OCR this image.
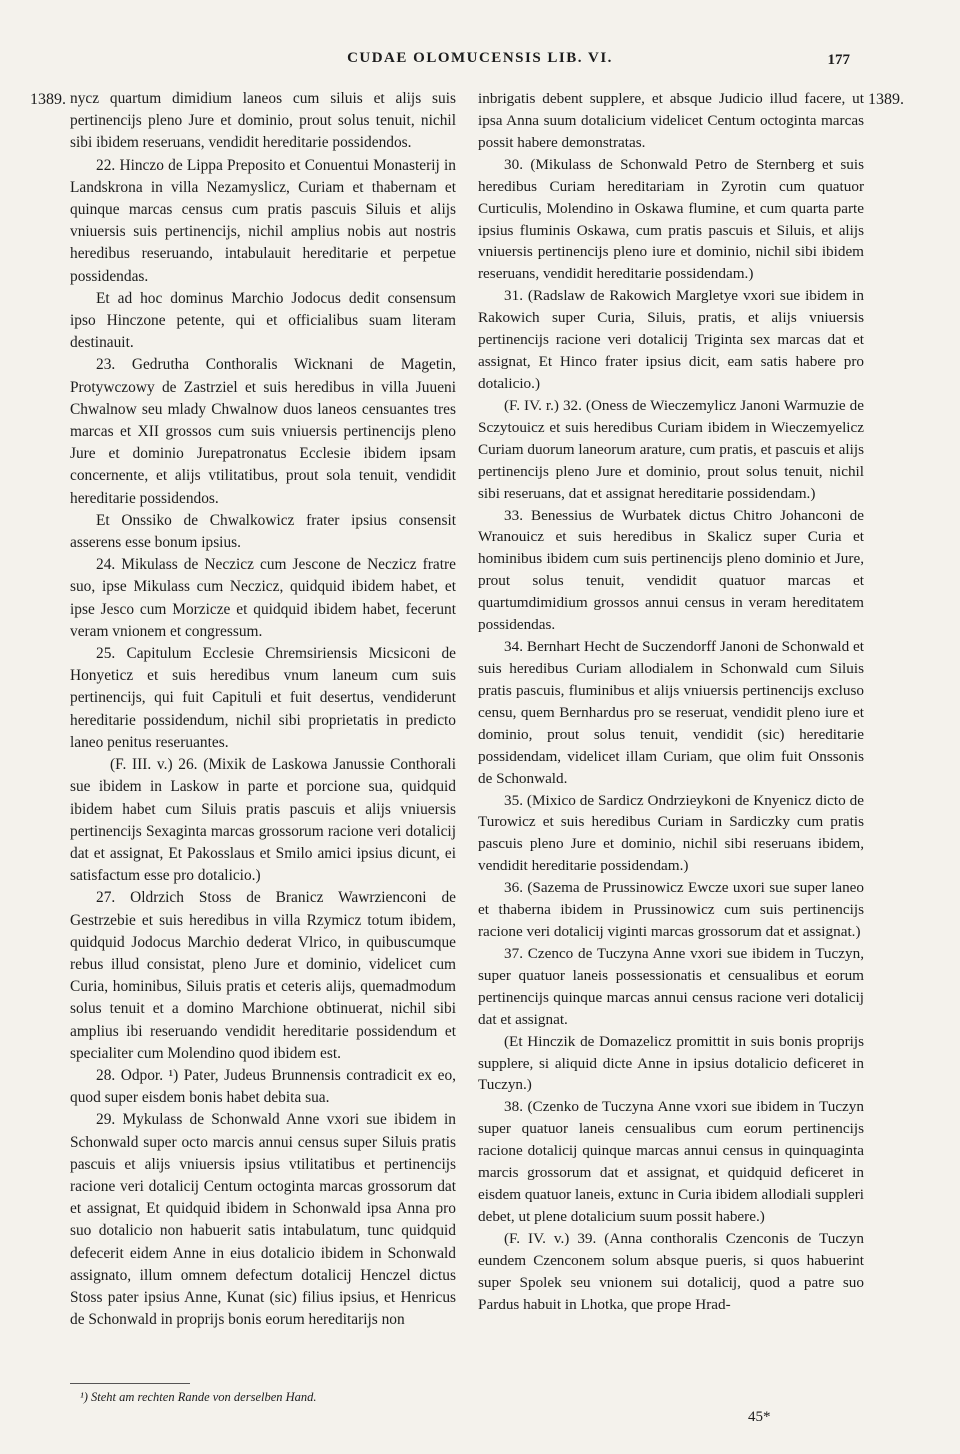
CUDAE OLOMUCENSIS LIB. VI.	177
1389.	1389.

nycz quartum dimidium laneos cum siluis et alijs suis pertinencijs pleno Jure et dominio, prout solus tenuit, nichil sibi ibidem reseruans, vendidit hereditarie possidendos.

22. Hinczo de Lippa Preposito et Conuentui Monasterij in Landskrona in villa Nezamyslicz, Curiam et thabernam et quinque marcas census cum pratis pascuis Siluis et alijs vniuersis suis pertinencijs, nichil amplius nobis aut nostris heredibus reseruando, intabulauit hereditarie et perpetue possidendas.

Et ad hoc dominus Marchio Jodocus dedit consensum ipso Hinczone petente, qui et officialibus suam literam destinauit.

23. Gedrutha Conthoralis Wicknani de Magetin, Protywczowy de Zastrziel et suis heredibus in villa Juueni Chwalnow seu mlady Chwalnow duos laneos censuantes tres marcas et XII grossos cum suis vniuersis pertinencijs pleno Jure et dominio Jurepatronatus Ecclesie ibidem ipsam concernente, et alijs vtilitatibus, prout sola tenuit, vendidit hereditarie possidendos.

Et Onssiko de Chwalkowicz frater ipsius consensit asserens esse bonum ipsius.

24. Mikulass de Neczicz cum Jescone de Neczicz fratre suo, ipse Mikulass cum Neczicz, quidquid ibidem habet, et ipse Jesco cum Morzicze et quidquid ibidem habet, fecerunt veram vnionem et congressum.

25. Capitulum Ecclesie Chremsiriensis Micsiconi de Honyeticz et suis heredibus vnum laneum cum suis pertinencijs, qui fuit Capituli et fuit desertus, vendiderunt hereditarie possidendum, nichil sibi proprietatis in predicto laneo penitus reseruantes.

(F. III. v.) 26. (Mixik de Laskowa Janussie Conthorali sue ibidem in Laskow in parte et porcione sua, quidquid ibidem habet cum Siluis pratis pascuis et alijs vniuersis pertinencijs Sexaginta marcas grossorum racione veri dotalicij dat et assignat, Et Pakosslaus et Smilo amici ipsius dicunt, ei satisfactum esse pro dotalicio.)

27. Oldrzich Stoss de Branicz Wawrzienconi de Gestrzebie et suis heredibus in villa Rzymicz totum ibidem, quidquid Jodocus Marchio dederat Vlrico, in quibuscumque rebus illud consistat, pleno Jure et dominio, videlicet cum Curia, hominibus, Siluis pratis et ceteris alijs, quemadmodum solus tenuit et a domino Marchione obtinuerat, nichil sibi amplius ibi reseruando vendidit hereditarie possidendum et specialiter cum Molendino quod ibidem est.

28. Odpor. ¹) Pater, Judeus Brunnensis contradicit ex eo, quod super eisdem bonis habet debita sua.

29. Mykulass de Schonwald Anne vxori sue ibidem in Schonwald super octo marcis annui census super Siluis pratis pascuis et alijs vniuersis ipsius vtilitatibus et pertinencijs racione veri dotalicij Centum octoginta marcas grossorum dat et assignat, Et quidquid ibidem in Schonwald ipsa Anna pro suo dotalicio non habuerit satis intabulatum, tunc quidquid defecerit eidem Anne in eius dotalicio ibidem in Schonwald assignato, illum omnem defectum dotalicij Henczel dictus Stoss pater ipsius Anne, Kunat (sic) filius ipsius, et Henricus de Schonwald in proprijs bonis eorum hereditarijs non

inbrigatis debent supplere, et absque Judicio illud facere, ut ipsa Anna suum dotalicium videlicet Centum octoginta marcas possit habere demonstratas.

30. (Mikulass de Schonwald Petro de Sternberg et suis heredibus Curiam hereditariam in Zyrotin cum quatuor Curticulis, Molendino in Oskawa flumine, et cum quarta parte ipsius fluminis Oskawa, cum pratis pascuis et Siluis, et alijs vniuersis pertinencijs pleno iure et dominio, nichil sibi ibidem reseruans, vendidit hereditarie possidendam.)

31. (Radslaw de Rakowich Margletye vxori sue ibidem in Rakowich super Curia, Siluis, pratis, et alijs vniuersis pertinencijs racione veri dotalicij Triginta sex marcas dat et assignat, Et Hinco frater ipsius dicit, eam satis habere pro dotalicio.)

(F. IV. r.) 32. (Oness de Wieczemylicz Janoni Warmuzie de Sczytouicz et suis heredibus Curiam ibidem in Wieczemyelicz Curiam duorum laneorum arature, cum pratis, et pascuis et alijs pertinencijs pleno Jure et dominio, prout solus tenuit, nichil sibi reseruans, dat et assignat hereditarie possidendam.)

33. Benessius de Wurbatek dictus Chitro Johanconi de Wranouicz et suis heredibus in Skalicz super Curia et hominibus ibidem cum suis pertinencijs pleno dominio et Jure, prout solus tenuit, vendidit quatuor marcas et quartumdimidium grossos annui census in veram hereditatem possidendas.

34. Bernhart Hecht de Suczendorff Janoni de Schonwald et suis heredibus Curiam allodialem in Schonwald cum Siluis pratis pascuis, fluminibus et alijs vniuersis pertinencijs excluso censu, quem Bernhardus pro se reseruat, vendidit pleno iure et dominio, prout solus tenuit, vendidit (sic) hereditarie possidendam, videlicet illam Curiam, que olim fuit Onssonis de Schonwald.

35. (Mixico de Sardicz Ondrzieykoni de Knyenicz dicto de Turowicz et suis heredibus Curiam in Sardiczky cum pratis pascuis pleno Jure et dominio, nichil sibi reseruans ibidem, vendidit hereditarie possidendam.)

36. (Sazema de Prussinowicz Ewcze uxori sue super laneo et thaberna ibidem in Prussinowicz cum suis pertinencijs racione veri dotalicij viginti marcas grossorum dat et assignat.)

37. Czenco de Tuczyna Anne vxori sue ibidem in Tuczyn, super quatuor laneis possessionatis et censualibus et eorum pertinencijs quinque marcas annui census racione veri dotalicij dat et assignat.

(Et Hinczik de Domazelicz promittit in suis bonis proprijs supplere, si aliquid dicte Anne in ipsius dotalicio deficeret in Tuczyn.)

38. (Czenko de Tuczyna Anne vxori sue ibidem in Tuczyn super quatuor laneis censualibus cum eorum pertinencijs racione dotalicij quinque marcas annui census in quinquaginta marcis grossorum dat et assignat, et quidquid deficeret in eisdem quatuor laneis, extunc in Curia ibidem allodiali suppleri debet, ut plene dotalicium suum possit habere.)

(F. IV. v.) 39. (Anna conthoralis Czenconis de Tuczyn eundem Czenconem solum absque pueris, si quos habuerint super Spolek seu vnionem sui dotalicij, quod a patre suo Pardus habuit in Lhotka, que prope Hrad-

¹) Steht am rechten Rande von derselben Hand.
45*
